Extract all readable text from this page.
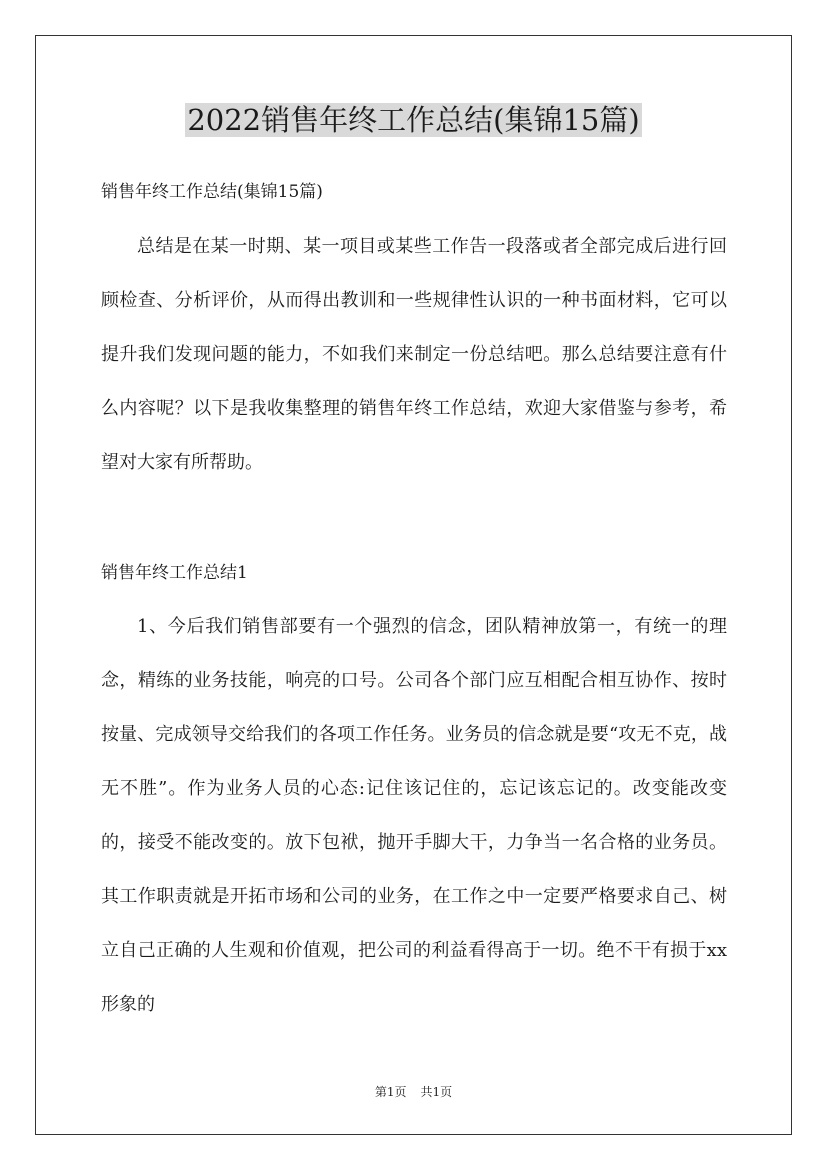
2022销售年终工作总结(集锦15篇)
销售年终工作总结(集锦15篇)

总结是在某一时期、某一项目或某些工作告一段落或者全部完成后进行回顾检查、分析评价，从而得出教训和一些规律性认识的一种书面材料，它可以提升我们发现问题的能力，不如我们来制定一份总结吧。那么总结要注意有什么内容呢？以下是我收集整理的销售年终工作总结，欢迎大家借鉴与参考，希望对大家有所帮助。

销售年终工作总结1

1、今后我们销售部要有一个强烈的信念，团队精神放第一，有统一的理念，精练的业务技能，响亮的口号。公司各个部门应互相配合相互协作、按时按量、完成领导交给我们的各项工作任务。业务员的信念就是要“攻无不克，战无不胜”。作为业务人员的心态:记住该记住的，忘记该忘记的。改变能改变的，接受不能改变的。放下包袱，抛开手脚大干，力争当一名合格的业务员。其工作职责就是开拓市场和公司的业务，在工作之中一定要严格要求自己、树立自己正确的人生观和价值观，把公司的利益看得高于一切。绝不干有损于xx形象的

第1页 共1页
